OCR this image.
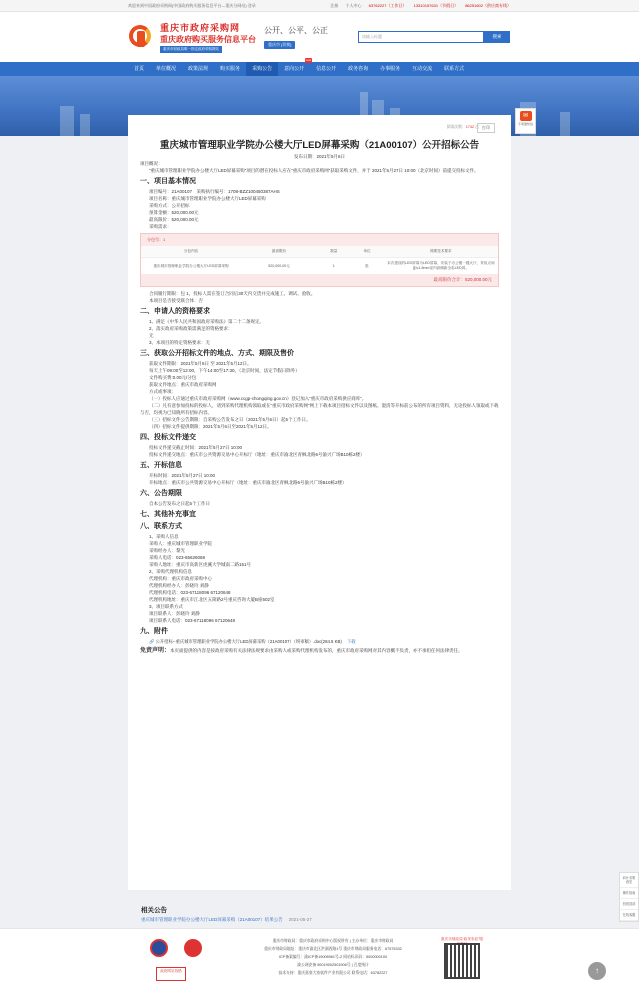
欢迎来到中国政府采购网(中国政府购买服务信息平台—重庆分网站) 登录	注册 个人中心 63762227（工作日） 13310157631（节假日） 86251602（供应商专线）
重庆市政府采购网
重庆政府购买服务信息平台
重庆市财政局唯一指定政府采购网站
公开、公平、公正
重庆市 [切换]
请输入标题	搜索
首页	单位概况	政策法规	购买服务	采购公告	意向公开
new
信息公开	政务咨询	办事服务	互动交流	联系方式
✉
专项通知信
阅读次数：1742 次 打印
重庆城市管理职业学院办公楼大厅LED屏幕采购（21A00107）公开招标公告
发布日期：2021年5月6日
项目概况：
“重庆城市管理职业学院办公楼大厅LED屏幕采购”项目的潜在投标人应在“重庆市政府采购网”获取采购文件，并于 2021年5月27日 10:00（北京时间）前提交投标文件。
一、项目基本情况
项目编号：21A00107　采购执行编号：1708-BZZ100450387AHS
项目名称：重庆城市管理职业学院办公楼大厅LED屏幕采购
采购方式：公开招标
预算金额：520,000.00元
最高限价：520,000.00元
采购需求：
分包号：1
分包内容	最高限价	数量	单位	简要技术要求
重庆城市管理职业学院办公楼大厅LED屏幕采购	520,000.00元	1	批	本次建设的LED屏幕为LED屏幕，安装于办公楼一楼大厅，采用点间距≤1.8mm室内高刷新全彩LED屏。
最高限价合计：520,000.00元
合同履行期限：包 1，投标人需在签订合同后30天内交货并完成施工、调试、验收。
本项目是否接受联合体：否
二、申请人的资格要求
1、满足《中华人民共和国政府采购法》第二十二条规定。
2、落实政府采购政策需满足的资格要求：
无
3、本项目的特定资格要求：无
三、获取公开招标文件的地点、方式、期限及售价
获取文件期限：2021年5月6日 至 2021年5月12日。
每天上午09:00至12:00，下午14:00至17:30。（北京时间，法定节假日除外）
文件购买费:0.00元/分包
获取文件地点：重庆市政府采购网
方式或事项:
（一）投标人应通过重庆市政府采购网（www.ccgp-chongqing.gov.cn）登记加入“重庆市政府采购供应商库”。
（二）凡有意参加投标的投标人，请到采购代理机构领取或在“重庆市政府采购网”网上下载本项目招标文件以及图纸、澄清等开标前公布的所有项目资料，无论投标人领取或下载与否，均视为已知晓所有招标内容。
（三）招标文件公告期限：自采购公告发布之日（2021年5月6日）起5个工作日。
（四）招标文件提供期限：2021年5月6日至2021年5月12日。
四、投标文件递交
投标文件递交截止时间：2021年5月27日 10:00
投标文件递交地点：重庆市公共资源交易中心开标厅（地址：重庆市渝北区青枫北路6号渝兴广场B10栋2楼）
五、开标信息
开标时间：2021年5月27日 10:00
开标地点：重庆市公共资源交易中心开标厅（地址：重庆市渝北区青枫北路6号渝兴广场B10栋2楼）
六、公告期限
自本公告发布之日起5个工作日
七、其他补充事宜
八、联系方式
1、采购人信息
采购人：重庆城市管理职业学院
采购经办人：黎光
采购人电话：023-65626068
采购人地址：重庆市高新区虎溪大学城南二路151号
2、采购代理机构信息
代理机构：重庆市政府采购中心
代理机构经办人：彭晓玲 刘静
代理机构电话：023-67118096 67120648
代理机构地址：重庆市江北区五简路2号重庆咨询大厦B座502室
3、项目联系方式
项目联系人：彭晓玲 刘静
项目联系人电话：023-67118096 67120648
九、附件
🔗 公开招标--重庆城市管理职业学院办公楼大厅LED屏幕采购（21A00107）（终审稿）.doc(284.5 KB) 下载
免责声明：本页面提供的内容是按政府采购有关法律法规要求由采购人或采购代理机构发布的，重庆市政府采购网对其内容概不负责，亦不承担任何法律责任。
相关公告
重庆城市管理职业学院办公楼大厅LED屏幕采购（21A00107）结果公告 2021-05-27
问计求策 意见
操作指南
回到顶部
在线客服
政府网站找错
重庆市财政局：重庆市政府采购中心版权所有 | 主办单位：重庆市财政局
重庆市财政局地址：重庆市渝北区洪湖西路1号 重庆市财政局服务电话：67575332
ICP备案编号：渝ICP备19008961号-2 网站标识码：5000000100
渝公网安备 50019002501906号 | 百度统计
技术支持：重庆嘉豪大家软件产业有限公司 联系电话：63782227
重庆市财政局“政采彩虹”服
↑
